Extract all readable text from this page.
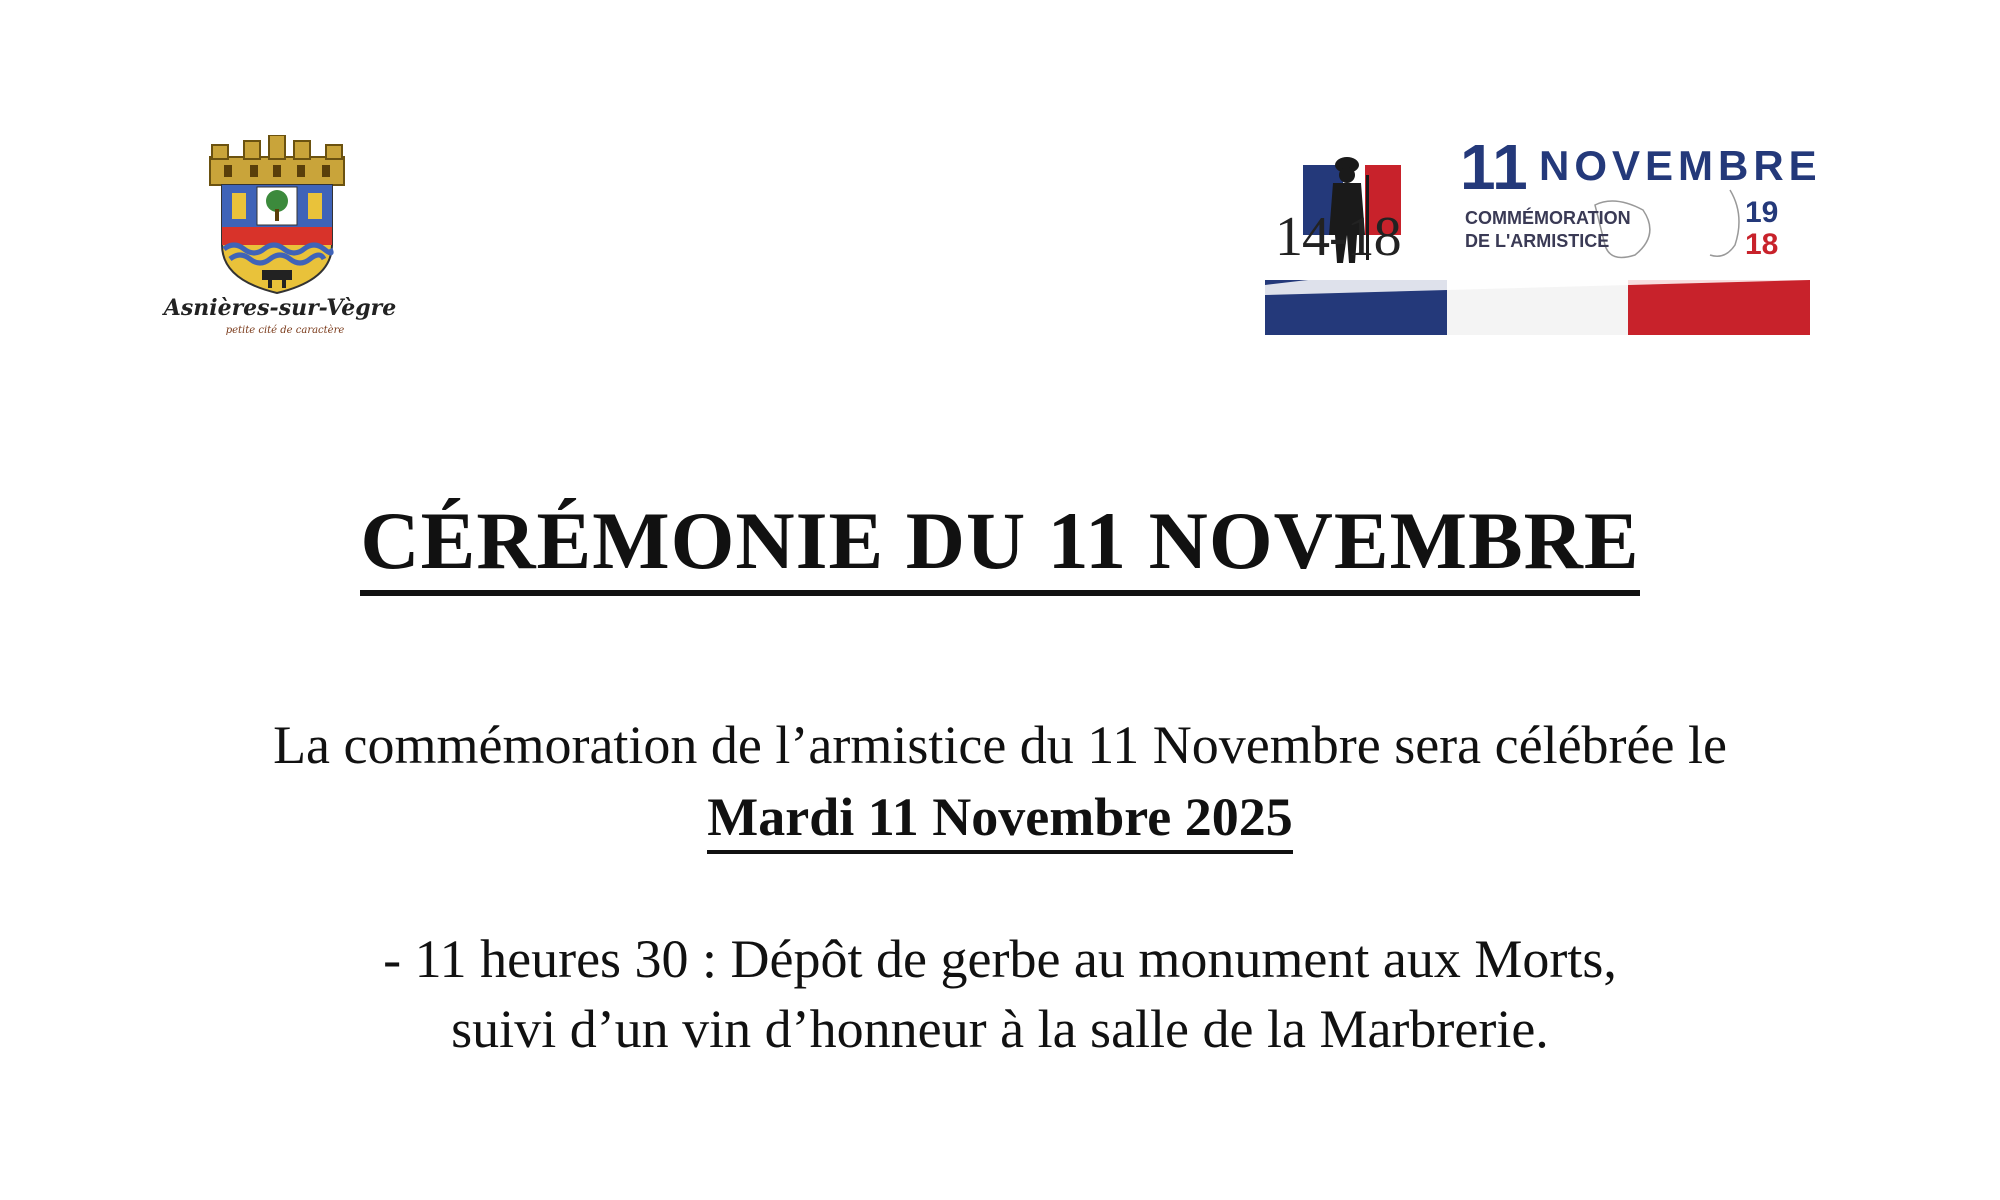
Asnières-sur-Vègre
petite cité de caractère
14-18
11 NOVEMBRE
COMMÉMORATION
DE L'ARMISTICE
19
18
CÉRÉMONIE DU 11 NOVEMBRE
La commémoration de l’armistice du 11 Novembre sera célébrée le
Mardi 11 Novembre 2025
- 11 heures 30 : Dépôt de gerbe au monument aux Morts,
suivi d’un vin d’honneur à la salle de la Marbrerie.
